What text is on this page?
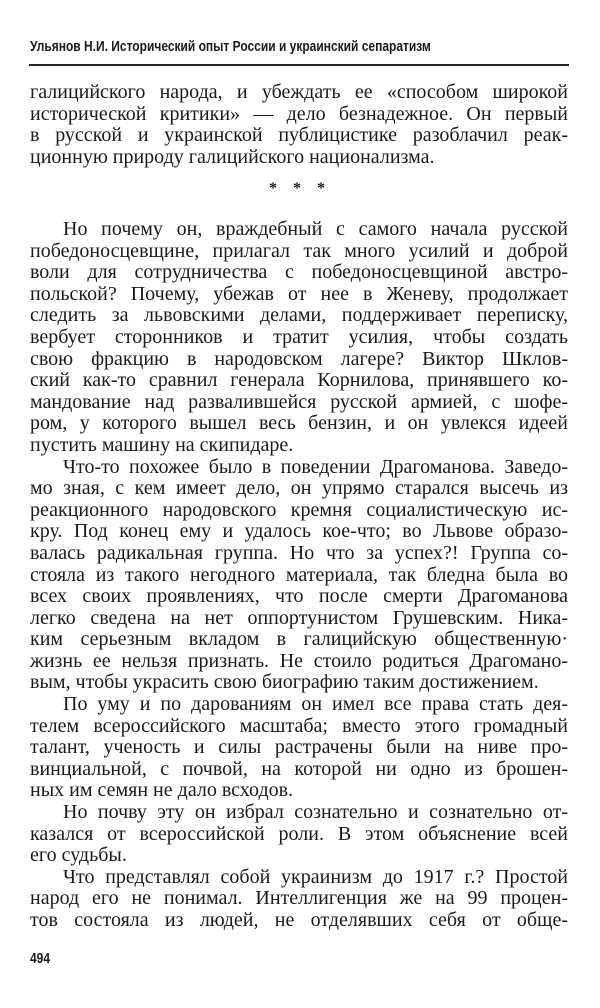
Ульянов Н.И. Исторический опыт России и украинский сепаратизм
галицийского народа, и убеждать ее «способом широкой
исторической критики» — дело безнадежное. Он первый
в русской и украинской публицистике разоблачил реак-
ционную природу галицийского национализма.
* * *
Но почему он, враждебный с самого начала русской
победоносцевщине, прилагал так много усилий и доброй
воли для сотрудничества с победоносцевщиной австро-
польской? Почему, убежав от нее в Женеву, продолжает
следить за львовскими делами, поддерживает переписку,
вербует сторонников и тратит усилия, чтобы создать
свою фракцию в народовском лагере? Виктор Шклов-
ский как-то сравнил генерала Корнилова, принявшего ко-
мандование над развалившейся русской армией, с шофе-
ром, у которого вышел весь бензин, и он увлекся идеей
пустить машину на скипидаре.
Что-то похожее было в поведении Драгоманова. Заведо-
мо зная, с кем имеет дело, он упрямо старался высечь из
реакционного народовского кремня социалистическую ис-
кру. Под конец ему и удалось кое-что; во Львове образо-
валась радикальная группа. Но что за успех?! Группа со-
стояла из такого негодного материала, так бледна была во
всех своих проявлениях, что после смерти Драгоманова
легко сведена на нет оппортунистом Грушевским. Ника-
ким серьезным вкладом в галицийскую общественную·
жизнь ее нельзя признать. Не стоило родиться Драгомано-
вым, чтобы украсить свою биографию таким достижением.
По уму и по дарованиям он имел все права стать дея-
телем всероссийского масштаба; вместо этого громадный
талант, ученость и силы растрачены были на ниве про-
винциальной, с почвой, на которой ни одно из брошен-
ных им семян не дало всходов.
Но почву эту он избрал сознательно и сознательно от-
казался от всероссийской роли. В этом объяснение всей
его судьбы.
Что представлял собой украинизм до 1917 г.? Простой
народ его не понимал. Интеллигенция же на 99 процен-
тов состояла из людей, не отделявших себя от обще-
494
